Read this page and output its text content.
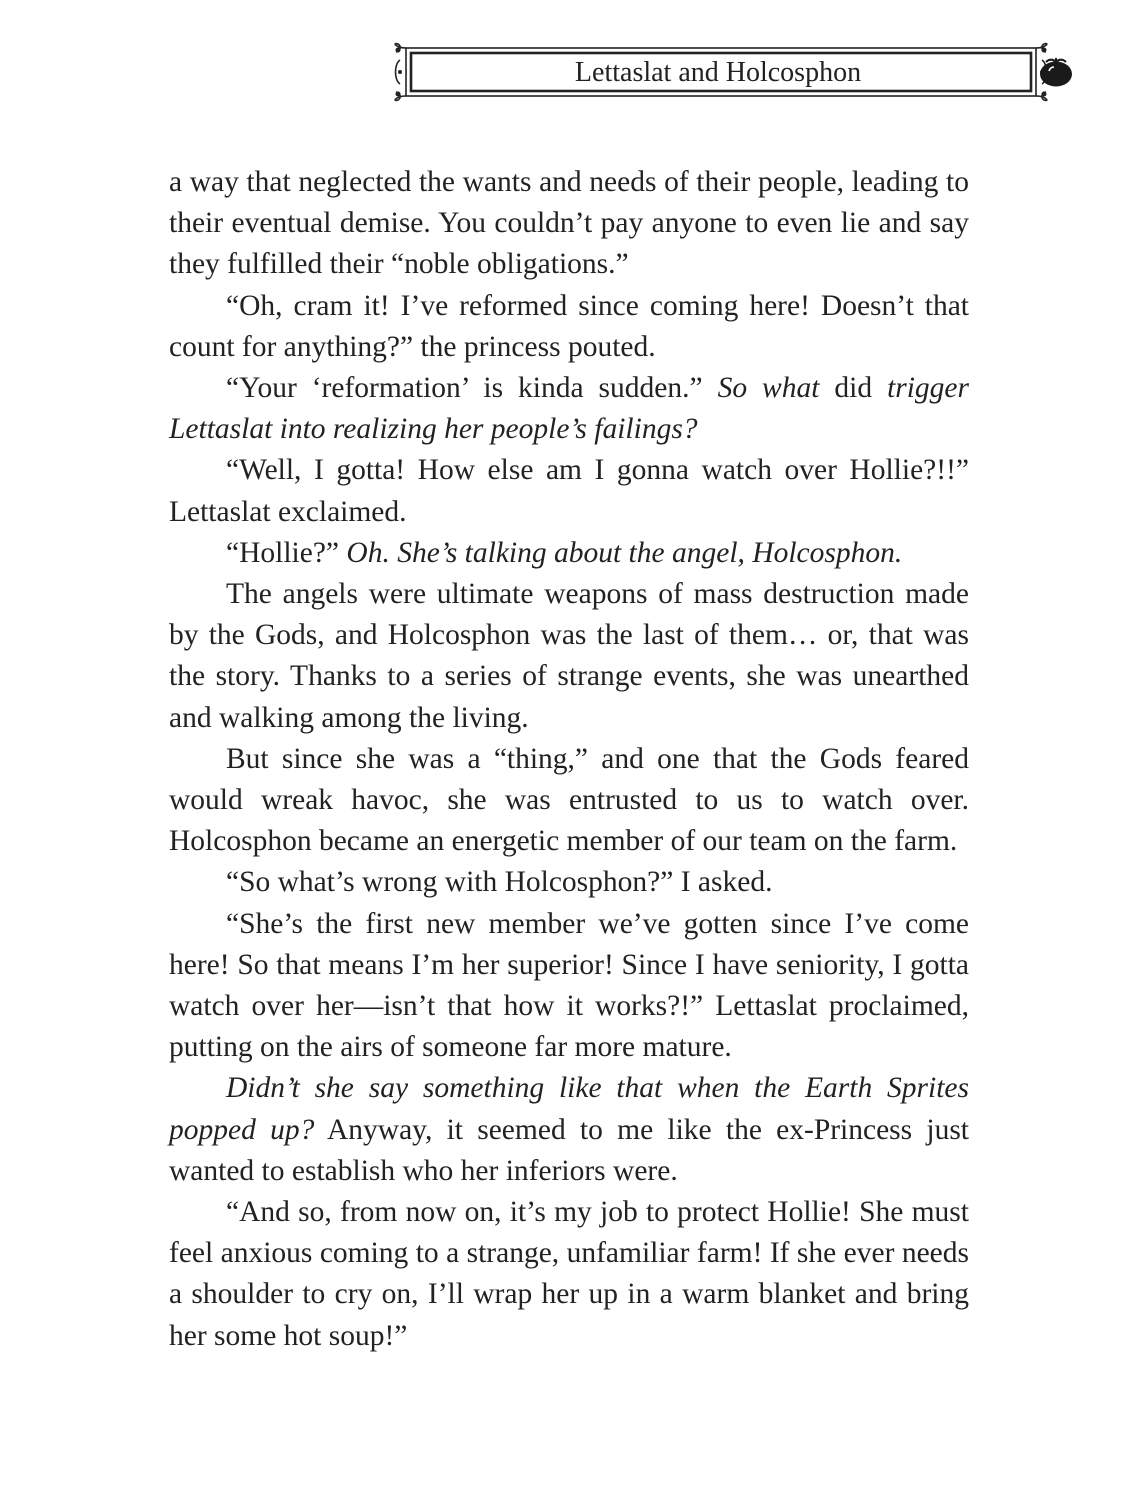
Lettaslat and Holcosphon

a way that neglected the wants and needs of their people, leading to their eventual demise. You couldn’t pay anyone to even lie and say they fulfilled their “noble obligations.”

“Oh, cram it! I’ve reformed since coming here! Doesn’t that count for anything?” the princess pouted.

“Your ‘reformation’ is kinda sudden.” So what did trigger Lettaslat into realizing her people’s failings?

“Well, I gotta! How else am I gonna watch over Hollie?!!” Lettaslat exclaimed.

“Hollie?” Oh. She’s talking about the angel, Holcosphon.

The angels were ultimate weapons of mass destruction made by the Gods, and Holcosphon was the last of them… or, that was the story. Thanks to a series of strange events, she was unearthed and walking among the living.

But since she was a “thing,” and one that the Gods feared would wreak havoc, she was entrusted to us to watch over. Holcosphon became an energetic member of our team on the farm.

“So what’s wrong with Holcosphon?” I asked.

“She’s the first new member we’ve gotten since I’ve come here! So that means I’m her superior! Since I have seniority, I gotta watch over her—isn’t that how it works?!” Lettaslat proclaimed, putting on the airs of someone far more mature.

Didn’t she say something like that when the Earth Sprites popped up? Anyway, it seemed to me like the ex-Princess just wanted to establish who her inferiors were.

“And so, from now on, it’s my job to protect Hollie! She must feel anxious coming to a strange, unfamiliar farm! If she ever needs a shoulder to cry on, I’ll wrap her up in a warm blanket and bring her some hot soup!”
